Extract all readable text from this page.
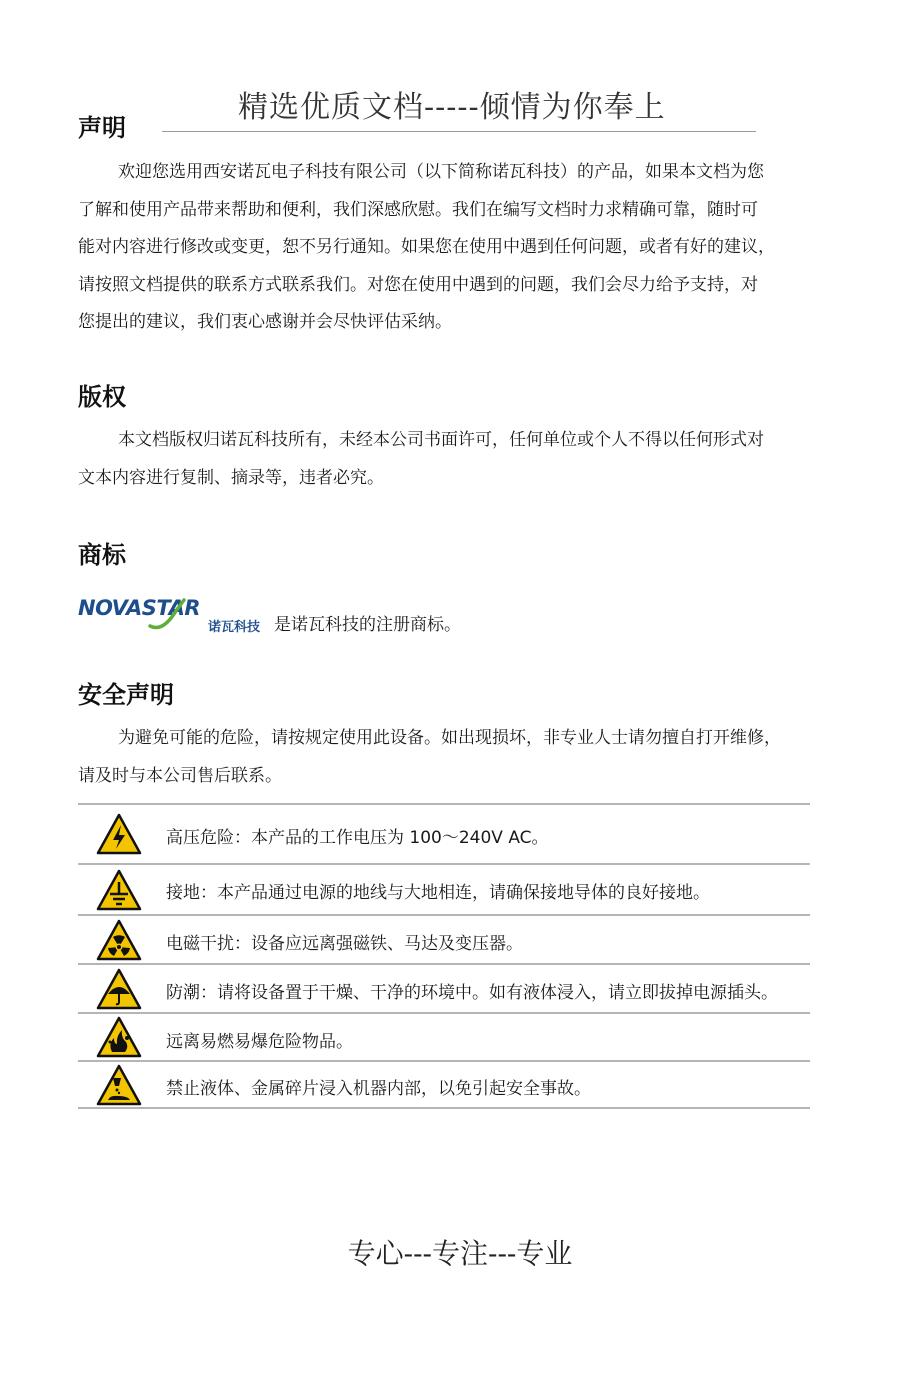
精选优质文档-----倾情为你奉上
声明
欢迎您选用西安诺瓦电子科技有限公司（以下简称诺瓦科技）的产品，如果本文档为您
了解和使用产品带来帮助和便利，我们深感欣慰。我们在编写文档时力求精确可靠，随时可
能对内容进行修改或变更，恕不另行通知。如果您在使用中遇到任何问题，或者有好的建议，
请按照文档提供的联系方式联系我们。对您在使用中遇到的问题，我们会尽力给予支持，对
您提出的建议，我们衷心感谢并会尽快评估采纳。
版权
本文档版权归诺瓦科技所有，未经本公司书面许可，任何单位或个人不得以任何形式对
文本内容进行复制、摘录等，违者必究。
商标
NOVASTAR
诺瓦科技 是诺瓦科技的注册商标。
安全声明
为避免可能的危险，请按规定使用此设备。如出现损坏，非专业人士请勿擅自打开维修，
请及时与本公司售后联系。
高压危险：本产品的工作电压为 100～240V AC。
接地：本产品通过电源的地线与大地相连，请确保接地导体的良好接地。
电磁干扰：设备应远离强磁铁、马达及变压器。
防潮：请将设备置于干燥、干净的环境中。如有液体浸入，请立即拔掉电源插头。
远离易燃易爆危险物品。
禁止液体、金属碎片浸入机器内部，以免引起安全事故。
专心---专注---专业
